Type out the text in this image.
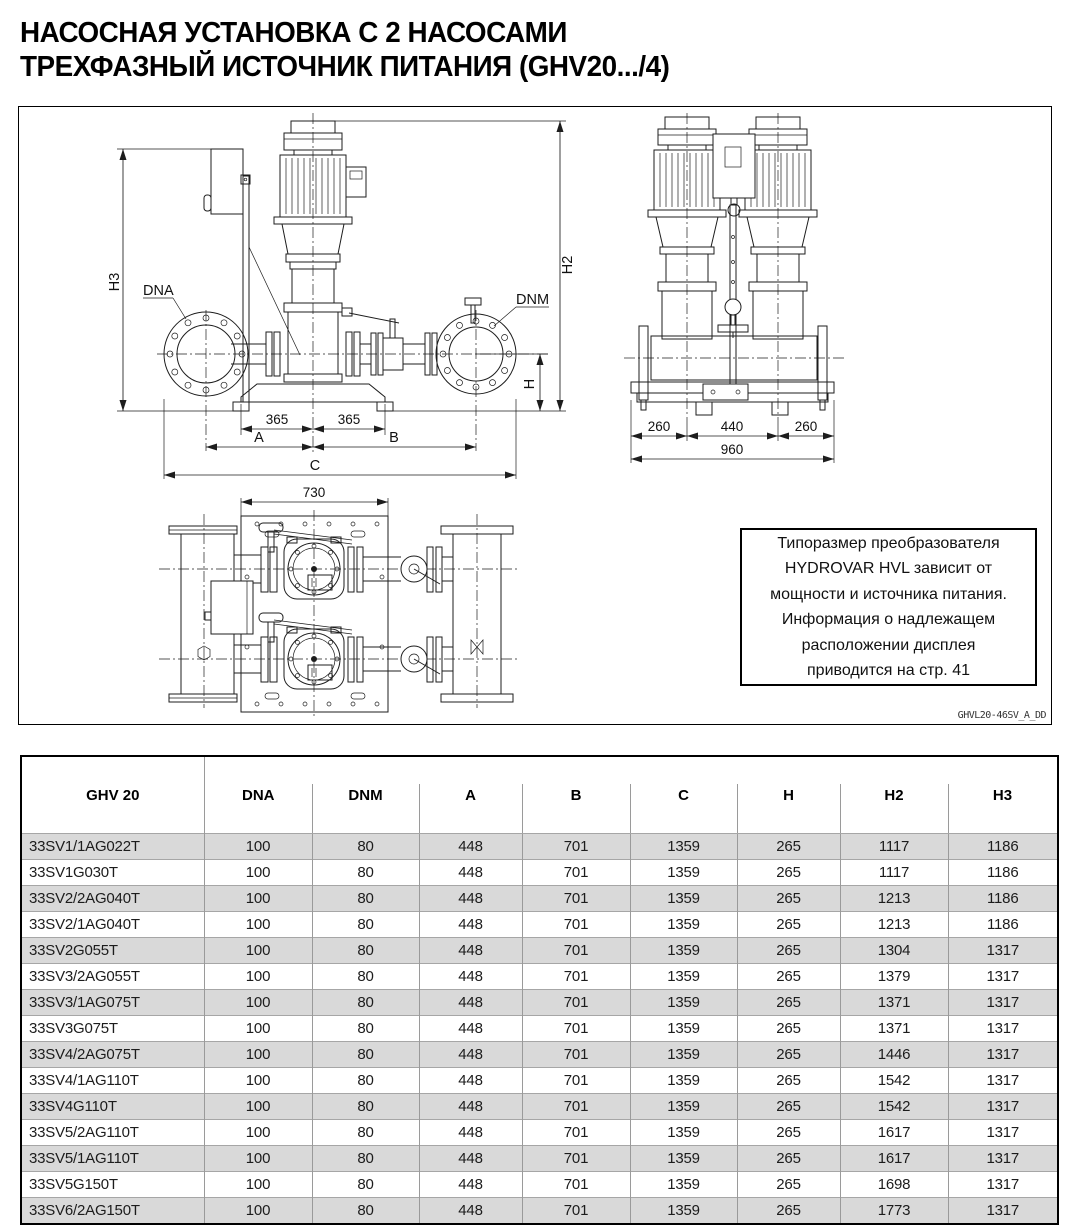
НАСОСНАЯ УСТАНОВКА С 2 НАСОСАМИ
ТРЕХФАЗНЫЙ ИСТОЧНИК ПИТАНИЯ (GHV20.../4)
H3
H2
H
DNA
DNM
365	365
A	B
C
260	440	260
960
730
Типоразмер преобразователя
HYDROVAR HVL зависит от
мощности и источника питания.
Информация о надлежащем
расположении дисплея
приводится на стр. 41
GHVL20-46SV_A_DD
GHV 20	DNA	DNM	A	B	C	H	H2	H3
33SV1/1AG022T	100	80	448	701	1359	265	1117	1186
33SV1G030T	100	80	448	701	1359	265	1117	1186
33SV2/2AG040T	100	80	448	701	1359	265	1213	1186
33SV2/1AG040T	100	80	448	701	1359	265	1213	1186
33SV2G055T	100	80	448	701	1359	265	1304	1317
33SV3/2AG055T	100	80	448	701	1359	265	1379	1317
33SV3/1AG075T	100	80	448	701	1359	265	1371	1317
33SV3G075T	100	80	448	701	1359	265	1371	1317
33SV4/2AG075T	100	80	448	701	1359	265	1446	1317
33SV4/1AG110T	100	80	448	701	1359	265	1542	1317
33SV4G110T	100	80	448	701	1359	265	1542	1317
33SV5/2AG110T	100	80	448	701	1359	265	1617	1317
33SV5/1AG110T	100	80	448	701	1359	265	1617	1317
33SV5G150T	100	80	448	701	1359	265	1698	1317
33SV6/2AG150T	100	80	448	701	1359	265	1773	1317
